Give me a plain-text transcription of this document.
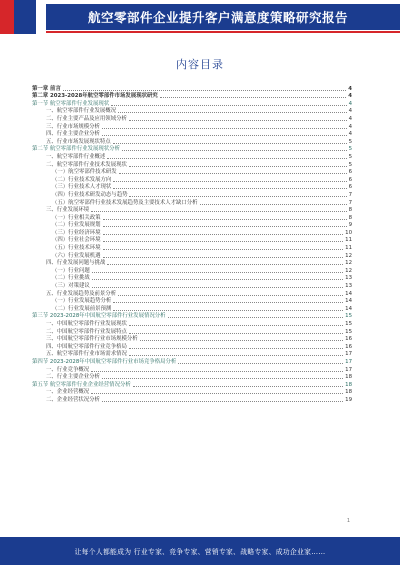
航空零部件企业提升客户满意度策略研究报告
内容目录
第一章 前言	4
第二章 2023-2028年航空零部件市场发展现状研究	4
第一节 航空零部件行业发展现状	4
一、航空零部件行业发展概况	4
二、行业主要产品及应用领域分析	4
三、行业市场规模分析	4
四、行业主要企业分析	4
五、行业市场发展现状特点	5
第二节 航空零部件行业发展现状分析	5
一、航空零部件行业概述	5
二、航空零部件行业技术发展现状	5
（一）航空零部件技术研发	6
（二）行业技术发展方向	6
（三）行业技术人才现状	6
（四）行业技术研发动态与趋势	7
（五）航空零部件行业技术发展趋势及主要技术人才缺口分析	7
三、行业发展环境	8
（一）行业相关政策	8
（二）行业发展规划	9
（三）行业经济环境	10
（四）行业社会环境	11
（五）行业技术环境	11
（六）行业发展机遇	12
四、行业发展问题与挑战	12
（一）行业问题	12
（二）行业挑战	13
（三）对策建议	13
五、行业发展趋势及前景分析	14
（一）行业发展趋势分析	14
（二）行业发展前景预测	14
第三节 2023-2028年中国航空零部件行业发展情况分析	15
一、中国航空零部件行业发展现状	15
二、中国航空零部件行业发展特点	15
三、中国航空零部件行业市场规模分析	16
四、中国航空零部件行业竞争格局	16
五、航空零部件行业市场需求情况	17
第四节 2023-2028年中国航空零部件行业市场竞争格局分析	17
一、行业竞争概况	17
二、行业主要企业分析	18
第五节 航空零部件行业企业经营情况分析	18
一、企业经营概况	18
二、企业经营状况分析	19
1
让每个人都能成为 行业专家、竞争专家、营销专家、战略专家、成功企业家……
